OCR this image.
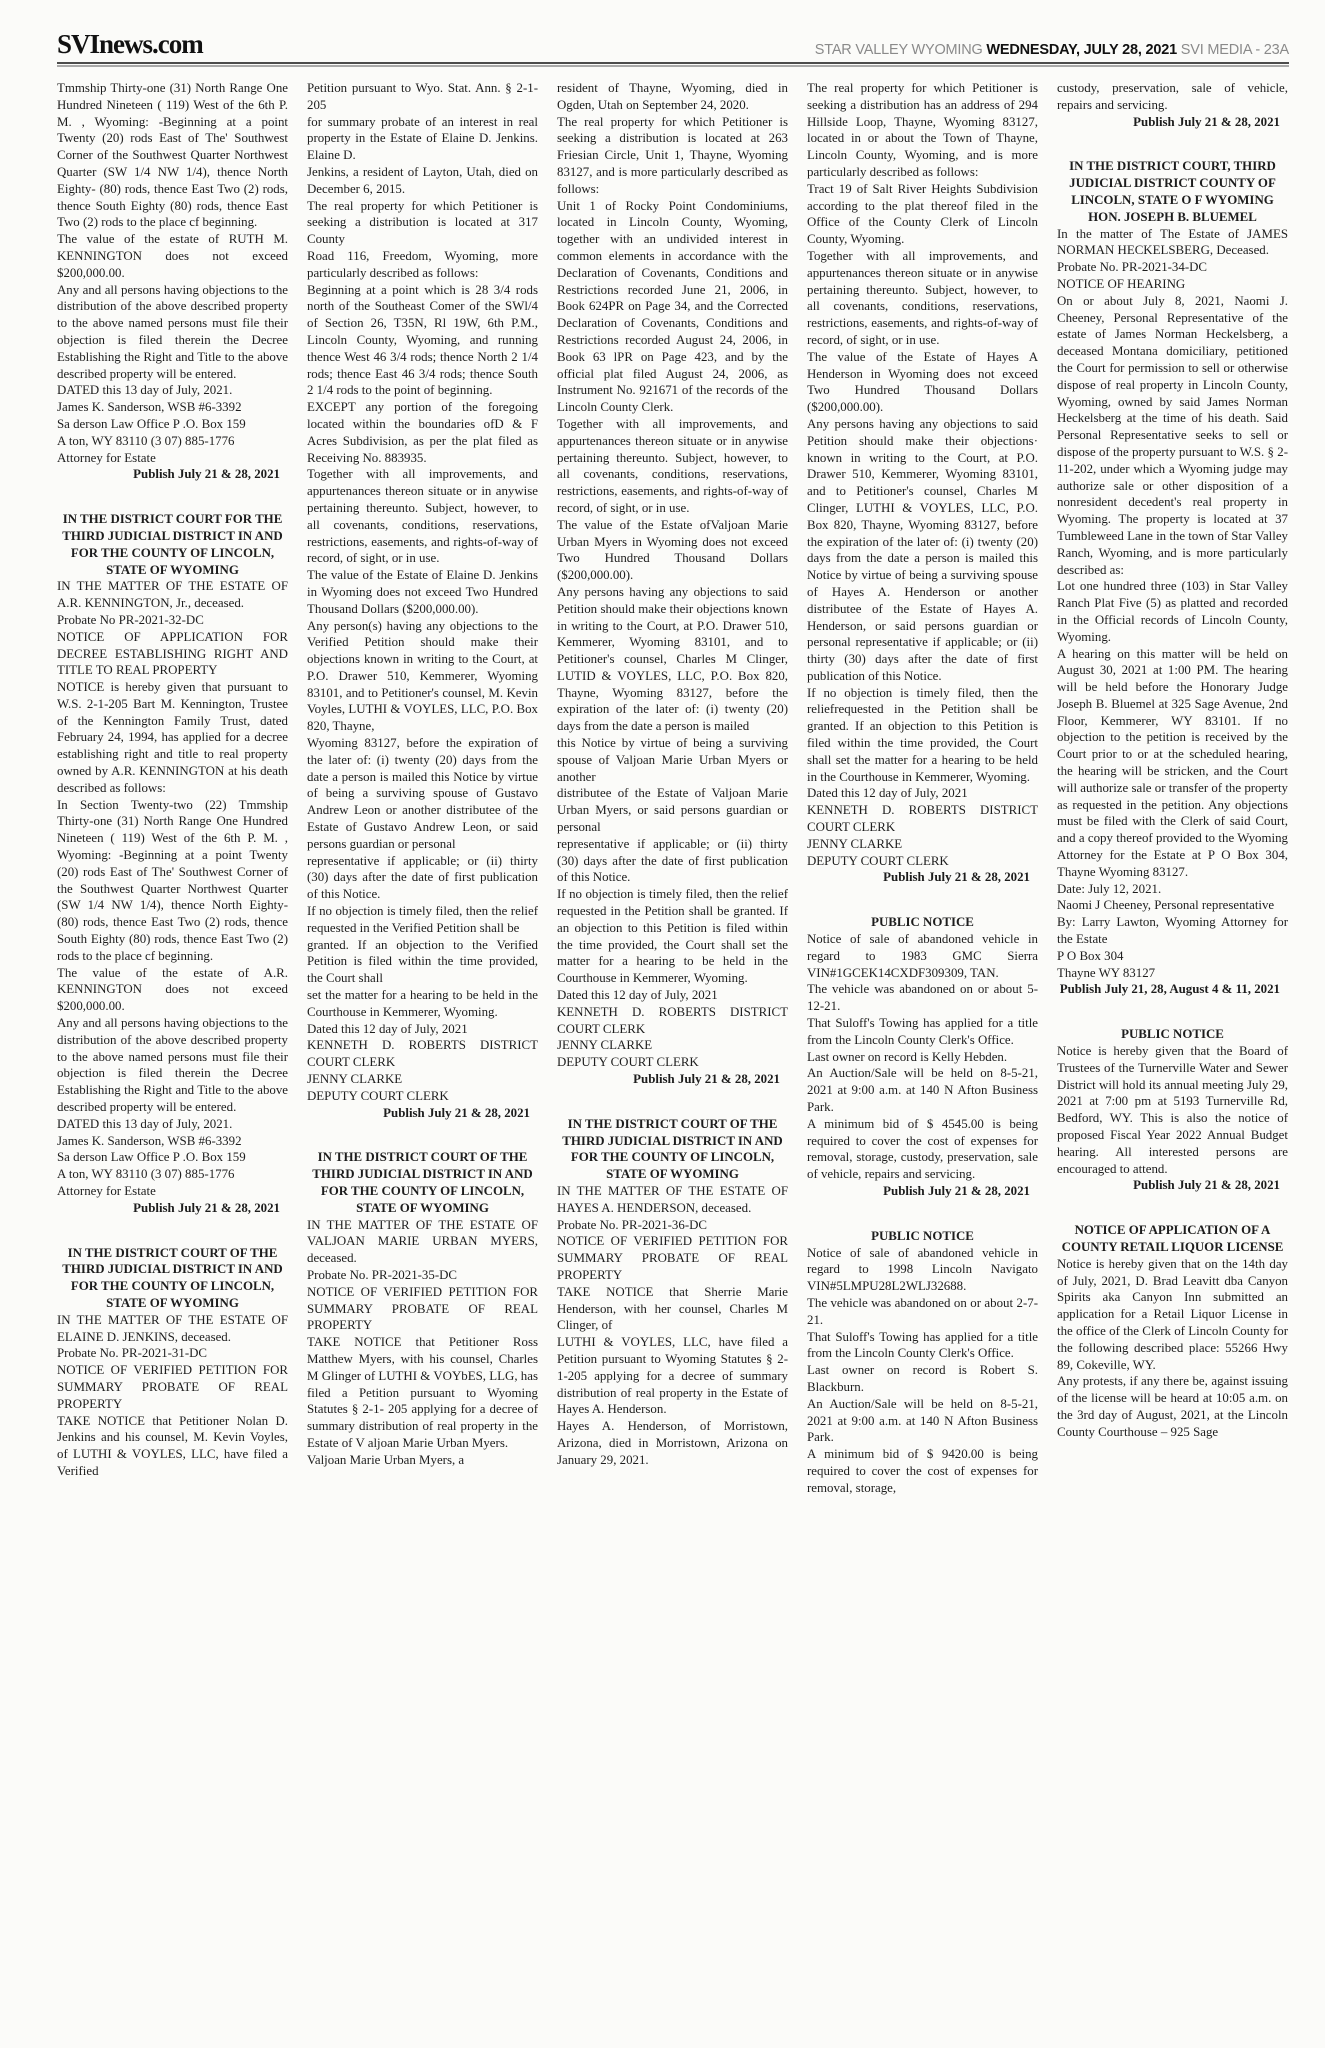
SVInews.com	STAR VALLEY WYOMING WEDNESDAY, JULY 28, 2021 SVI MEDIA - 23A

Tmmship Thirty-one (31) North Range One Hundred Nineteen ( 119) West of the 6th P. M. , Wyoming: -Beginning at a point Twenty (20) rods East of The' Southwest Corner of the Southwest Quarter Northwest Quarter (SW 1/4 NW 1/4), thence North Eighty- (80) rods, thence East Two (2) rods, thence South Eighty (80) rods, thence East Two (2) rods to the place cf beginning.

The value of the estate of RUTH M. KENNINGTON does not exceed $200,000.00.

Any and all persons having objections to the distribution of the above described property to the above named persons must file their objection is filed therein the Decree Establishing the Right and Title to the above described property will be entered.

DATED this 13 day of July, 2021.

James K. Sanderson, WSB #6-3392

Sa derson Law Office P .O. Box 159

A ton, WY 83110 (3 07) 885-1776

Attorney for Estate

Publish July 21 & 28, 2021

IN THE DISTRICT COURT FOR THE THIRD JUDICIAL DISTRICT IN AND FOR THE COUNTY OF LINCOLN, STATE OF WYOMING

IN THE MATTER OF THE ESTATE OF A.R. KENNINGTON, Jr., deceased.

Probate No PR-2021-32-DC

NOTICE OF APPLICATION FOR DECREE ESTABLISHING RIGHT AND TITLE TO REAL PROPERTY

NOTICE is hereby given that pursuant to W.S. 2-1-205 Bart M. Kennington, Trustee of the Kennington Family Trust, dated February 24, 1994, has applied for a decree establishing right and title to real property owned by A.R. KENNINGTON at his death described as follows:

In Section Twenty-two (22) Tmmship Thirty-one (31) North Range One Hundred Nineteen ( 119) West of the 6th P. M. , Wyoming: -Beginning at a point Twenty (20) rods East of The' Southwest Corner of the Southwest Quarter Northwest Quarter (SW 1/4 NW 1/4), thence North Eighty- (80) rods, thence East Two (2) rods, thence South Eighty (80) rods, thence East Two (2) rods to the place cf beginning.

The value of the estate of A.R. KENNINGTON does not exceed $200,000.00.

Any and all persons having objections to the distribution of the above described property to the above named persons must file their objection is filed therein the Decree Establishing the Right and Title to the above described property will be entered.

DATED this 13 day of July, 2021.

James K. Sanderson, WSB #6-3392

Sa derson Law Office P .O. Box 159

A ton, WY 83110 (3 07) 885-1776

Attorney for Estate

Publish July 21 & 28, 2021

IN THE DISTRICT COURT OF THE THIRD JUDICIAL DISTRICT IN AND FOR THE COUNTY OF LINCOLN, STATE OF WYOMING

IN THE MATTER OF THE ESTATE OF ELAINE D. JENKINS, deceased.

Probate No. PR-2021-31-DC

NOTICE OF VERIFIED PETITION FOR SUMMARY PROBATE OF REAL PROPERTY

TAKE NOTICE that Petitioner Nolan D. Jenkins and his counsel, M. Kevin Voyles, of LUTHI & VOYLES, LLC, have filed a Verified

Petition pursuant to Wyo. Stat. Ann. § 2-1-205

for summary probate of an interest in real property in the Estate of Elaine D. Jenkins. Elaine D.

Jenkins, a resident of Layton, Utah, died on December 6, 2015.

The real property for which Petitioner is seeking a distribution is located at 317 County

Road 116, Freedom, Wyoming, more particularly described as follows:

Beginning at a point which is 28 3/4 rods north of the Southeast Comer of the SWl/4 of Section 26, T35N, Rl 19W, 6th P.M., Lincoln County, Wyoming, and running thence West 46 3/4 rods; thence North 2 1/4 rods; thence East 46 3/4 rods; thence South 2 1/4 rods to the point of beginning.

EXCEPT any portion of the foregoing located within the boundaries ofD & F Acres Subdivision, as per the plat filed as Receiving No. 883935.

Together with all improvements, and appurtenances thereon situate or in anywise pertaining thereunto. Subject, however, to all covenants, conditions, reservations, restrictions, easements, and rights-of-way of record, of sight, or in use.

The value of the Estate of Elaine D. Jenkins in Wyoming does not exceed Two Hundred Thousand Dollars ($200,000.00).

Any person(s) having any objections to the Verified Petition should make their objections known in writing to the Court, at P.O. Drawer 510, Kemmerer, Wyoming 83101, and to Petitioner's counsel, M. Kevin Voyles, LUTHI & VOYLES, LLC, P.O. Box 820, Thayne,

Wyoming 83127, before the expiration of the later of: (i) twenty (20) days from the date a person is mailed this Notice by virtue of being a surviving spouse of Gustavo Andrew Leon or another distributee of the Estate of Gustavo Andrew Leon, or said persons guardian or personal

representative if applicable; or (ii) thirty (30) days after the date of first publication of this Notice.

If no objection is timely filed, then the relief requested in the Verified Petition shall be

granted. If an objection to the Verified Petition is filed within the time provided, the Court shall

set the matter for a hearing to be held in the Courthouse in Kemmerer, Wyoming.

Dated this 12 day of July, 2021

KENNETH D. ROBERTS DISTRICT COURT CLERK

JENNY CLARKE

DEPUTY COURT CLERK

Publish July 21 & 28, 2021

IN THE DISTRICT COURT OF THE THIRD JUDICIAL DISTRICT IN AND FOR THE COUNTY OF LINCOLN, STATE OF WYOMING

IN THE MATTER OF THE ESTATE OF VALJOAN MARIE URBAN MYERS, deceased.

Probate No. PR-2021-35-DC

NOTICE OF VERIFIED PETITION FOR SUMMARY PROBATE OF REAL PROPERTY

TAKE NOTICE that Petitioner Ross Matthew Myers, with his counsel, Charles M Glinger of LUTHI & VOYbES, LLG, has filed a Petition pursuant to Wyoming Statutes § 2-1- 205 applying for a decree of summary distribution of real property in the Estate of V aljoan Marie Urban Myers.

Valjoan Marie Urban Myers, a

resident of Thayne, Wyoming, died in Ogden, Utah on September 24, 2020.

The real property for which Petitioner is seeking a distribution is located at 263 Friesian Circle, Unit 1, Thayne, Wyoming 83127, and is more particularly described as follows:

Unit 1 of Rocky Point Condominiums, located in Lincoln County, Wyoming, together with an undivided interest in common elements in accordance with the Declaration of Covenants, Conditions and Restrictions recorded June 21, 2006, in Book 624PR on Page 34, and the Corrected Declaration of Covenants, Conditions and Restrictions recorded August 24, 2006, in Book 63 lPR on Page 423, and by the official plat filed August 24, 2006, as Instrument No. 921671 of the records of the Lincoln County Clerk.

Together with all improvements, and appurtenances thereon situate or in anywise pertaining thereunto. Subject, however, to all covenants, conditions, reservations, restrictions, easements, and rights-of-way of record, of sight, or in use.

The value of the Estate ofValjoan Marie Urban Myers in Wyoming does not exceed Two Hundred Thousand Dollars ($200,000.00).

Any persons having any objections to said Petition should make their objections known in writing to the Court, at P.O. Drawer 510, Kemmerer, Wyoming 83101, and to Petitioner's counsel, Charles M Clinger, LUTID & VOYLES, LLC, P.O. Box 820, Thayne, Wyoming 83127, before the expiration of the later of: (i) twenty (20) days from the date a person is mailed

this Notice by virtue of being a surviving spouse of Valjoan Marie Urban Myers or another

distributee of the Estate of Valjoan Marie Urban Myers, or said persons guardian or personal

representative if applicable; or (ii) thirty (30) days after the date of first publication of this Notice.

If no objection is timely filed, then the relief requested in the Petition shall be granted. If an objection to this Petition is filed within the time provided, the Court shall set the matter for a hearing to be held in the Courthouse in Kemmerer, Wyoming.

Dated this 12 day of July, 2021

KENNETH D. ROBERTS DISTRICT COURT CLERK

JENNY CLARKE

DEPUTY COURT CLERK

Publish July 21 & 28, 2021

IN THE DISTRICT COURT OF THE THIRD JUDICIAL DISTRICT IN AND FOR THE COUNTY OF LINCOLN, STATE OF WYOMING

IN THE MATTER OF THE ESTATE OF HAYES A. HENDERSON, deceased.

Probate No. PR-2021-36-DC

NOTICE OF VERIFIED PETITION FOR SUMMARY PROBATE OF REAL PROPERTY

TAKE NOTICE that Sherrie Marie Henderson, with her counsel, Charles M Clinger, of

LUTHI & VOYLES, LLC, have filed a Petition pursuant to Wyoming Statutes § 2-1-205 applying for a decree of summary distribution of real property in the Estate of Hayes A. Henderson.

Hayes A. Henderson, of Morristown, Arizona, died in Morristown, Arizona on January 29, 2021.

The real property for which Petitioner is seeking a distribution has an address of 294 Hillside Loop, Thayne, Wyoming 83127, located in or about the Town of Thayne, Lincoln County, Wyoming, and is more particularly described as follows:

Tract 19 of Salt River Heights Subdivision according to the plat thereof filed in the Office of the County Clerk of Lincoln County, Wyoming.

Together with all improvements, and appurtenances thereon situate or in anywise pertaining thereunto. Subject, however, to all covenants, conditions, reservations, restrictions, easements, and rights-of-way of record, of sight, or in use.

The value of the Estate of Hayes A Henderson in Wyoming does not exceed Two Hundred Thousand Dollars ($200,000.00).

Any persons having any objections to said Petition should make their objections· known in writing to the Court, at P.O. Drawer 510, Kemmerer, Wyoming 83101, and to Petitioner's counsel, Charles M Clinger, LUTHI & VOYLES, LLC, P.O. Box 820, Thayne, Wyoming 83127, before the expiration of the later of: (i) twenty (20) days from the date a person is mailed this Notice by virtue of being a surviving spouse of Hayes A. Henderson or another distributee of the Estate of Hayes A. Henderson, or said persons guardian or personal representative if applicable; or (ii) thirty (30) days after the date of first publication of this Notice.

If no objection is timely filed, then the reliefrequested in the Petition shall be granted. If an objection to this Petition is filed within the time provided, the Court shall set the matter for a hearing to be held in the Courthouse in Kemmerer, Wyoming.

Dated this 12 day of July, 2021

KENNETH D. ROBERTS DISTRICT COURT CLERK

JENNY CLARKE

DEPUTY COURT CLERK

Publish July 21 & 28, 2021

PUBLIC NOTICE

Notice of sale of abandoned vehicle in regard to 1983 GMC Sierra VIN#1GCEK14CXDF309309, TAN.

The vehicle was abandoned on or about 5-12-21.

That Suloff's Towing has applied for a title from the Lincoln County Clerk's Office.

Last owner on record is Kelly Hebden.

An Auction/Sale will be held on 8-5-21, 2021 at 9:00 a.m. at 140 N Afton Business Park.

A minimum bid of $ 4545.00 is being required to cover the cost of expenses for removal, storage, custody, preservation, sale of vehicle, repairs and servicing.

Publish July 21 & 28, 2021

PUBLIC NOTICE

Notice of sale of abandoned vehicle in regard to 1998 Lincoln Navigato VIN#5LMPU28L2WLJ32688.

The vehicle was abandoned on or about 2-7-21.

That Suloff's Towing has applied for a title from the Lincoln County Clerk's Office.

Last owner on record is Robert S. Blackburn.

An Auction/Sale will be held on 8-5-21, 2021 at 9:00 a.m. at 140 N Afton Business Park.

A minimum bid of $ 9420.00 is being required to cover the cost of expenses for removal, storage,

custody, preservation, sale of vehicle, repairs and servicing.

Publish July 21 & 28, 2021

IN THE DISTRICT COURT, THIRD JUDICIAL DISTRICT COUNTY OF LINCOLN, STATE O F WYOMING

HON. JOSEPH B. BLUEMEL

In the matter of The Estate of JAMES NORMAN HECKELSBERG, Deceased.

Probate No. PR-2021-34-DC

NOTICE OF HEARING

On or about July 8, 2021, Naomi J. Cheeney, Personal Representative of the estate of James Norman Heckelsberg, a deceased Montana domiciliary, petitioned the Court for permission to sell or otherwise dispose of real property in Lincoln County, Wyoming, owned by said James Norman Heckelsberg at the time of his death. Said Personal Representative seeks to sell or dispose of the property pursuant to W.S. § 2-11-202, under which a Wyoming judge may authorize sale or other disposition of a nonresident decedent's real property in Wyoming. The property is located at 37 Tumbleweed Lane in the town of Star Valley Ranch, Wyoming, and is more particularly described as:

Lot one hundred three (103) in Star Valley Ranch Plat Five (5) as platted and recorded in the Official records of Lincoln County, Wyoming.

A hearing on this matter will be held on August 30, 2021 at 1:00 PM. The hearing will be held before the Honorary Judge Joseph B. Bluemel at 325 Sage Avenue, 2nd Floor, Kemmerer, WY 83101. If no objection to the petition is received by the Court prior to or at the scheduled hearing, the hearing will be stricken, and the Court will authorize sale or transfer of the property as requested in the petition. Any objections must be filed with the Clerk of said Court, and a copy thereof provided to the Wyoming Attorney for the Estate at P O Box 304, Thayne Wyoming 83127.

Date: July 12, 2021.

Naomi J Cheeney, Personal representative

By: Larry Lawton, Wyoming Attorney for the Estate

P O Box 304

Thayne WY 83127

Publish July 21, 28, August 4 & 11, 2021

PUBLIC NOTICE

Notice is hereby given that the Board of Trustees of the Turnerville Water and Sewer District will hold its annual meeting July 29, 2021 at 7:00 pm at 5193 Turnerville Rd, Bedford, WY. This is also the notice of proposed Fiscal Year 2022 Annual Budget hearing. All interested persons are encouraged to attend.

Publish July 21 & 28, 2021

NOTICE OF APPLICATION OF A COUNTY RETAIL LIQUOR LICENSE

Notice is hereby given that on the 14th day of July, 2021, D. Brad Leavitt dba Canyon Spirits aka Canyon Inn submitted an application for a Retail Liquor License in the office of the Clerk of Lincoln County for the following described place: 55266 Hwy 89, Cokeville, WY.

Any protests, if any there be, against issuing of the license will be heard at 10:05 a.m. on the 3rd day of August, 2021, at the Lincoln County Courthouse – 925 Sage
